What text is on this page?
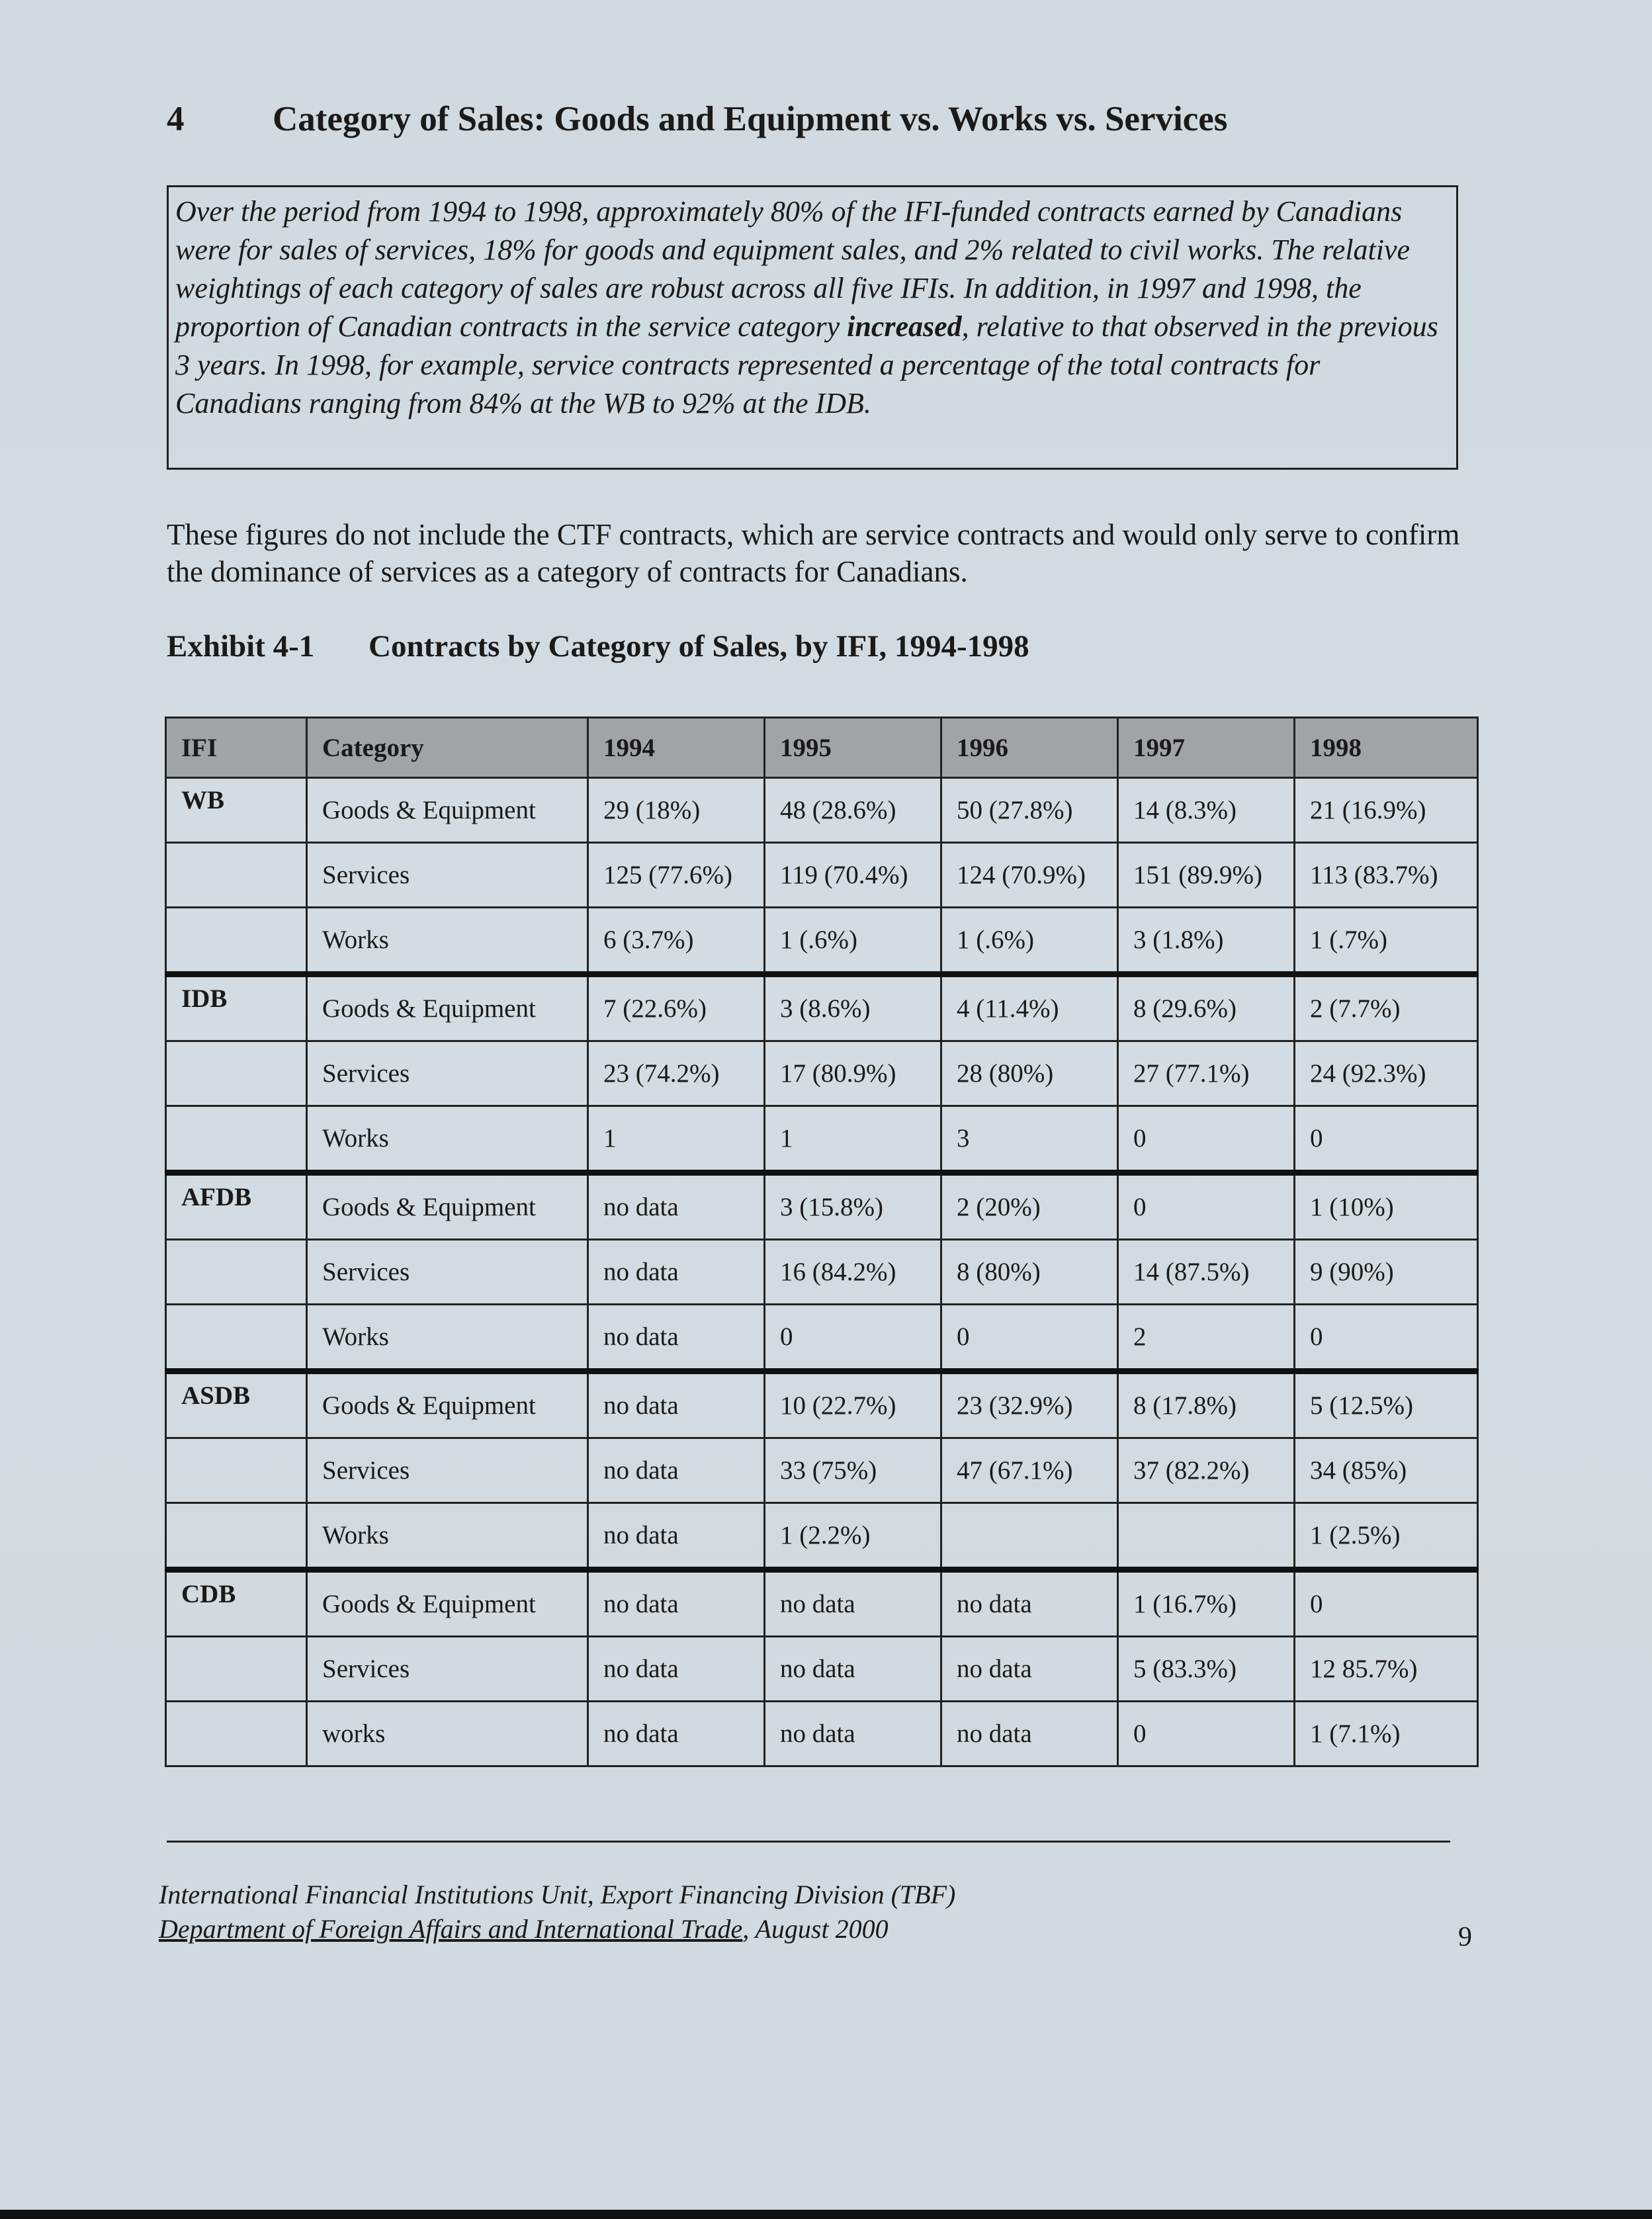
4	Category of Sales: Goods and Equipment vs. Works vs. Services
Over the period from 1994 to 1998, approximately 80% of the IFI-funded contracts earned by Canadians were for sales of services, 18% for goods and equipment sales, and 2% related to civil works. The relative weightings of each category of sales are robust across all five IFIs. In addition, in 1997 and 1998, the proportion of Canadian contracts in the service category increased, relative to that observed in the previous 3 years. In 1998, for example, service contracts represented a percentage of the total contracts for Canadians ranging from 84% at the WB to 92% at the IDB.
These figures do not include the CTF contracts, which are service contracts and would only serve to confirm the dominance of services as a category of contracts for Canadians.
Exhibit 4-1 Contracts by Category of Sales, by IFI, 1994-1998
IFI	Category	1994	1995	1996	1997	1998
WB	Goods & Equipment	29 (18%)	48 (28.6%)	50 (27.8%)	14 (8.3%)	21 (16.9%)
	Services	125 (77.6%)	119 (70.4%)	124 (70.9%)	151 (89.9%)	113 (83.7%)
	Works	6 (3.7%)	1 (.6%)	1 (.6%)	3 (1.8%)	1 (.7%)
IDB	Goods & Equipment	7 (22.6%)	3 (8.6%)	4 (11.4%)	8 (29.6%)	2 (7.7%)
	Services	23 (74.2%)	17 (80.9%)	28 (80%)	27 (77.1%)	24 (92.3%)
	Works	1	1	3	0	0
AFDB	Goods & Equipment	no data	3 (15.8%)	2 (20%)	0	1 (10%)
	Services	no data	16 (84.2%)	8 (80%)	14 (87.5%)	9 (90%)
	Works	no data	0	0	2	0
ASDB	Goods & Equipment	no data	10 (22.7%)	23 (32.9%)	8 (17.8%)	5 (12.5%)
	Services	no data	33 (75%)	47 (67.1%)	37 (82.2%)	34 (85%)
	Works	no data	1 (2.2%)			1 (2.5%)
CDB	Goods & Equipment	no data	no data	no data	1 (16.7%)	0
	Services	no data	no data	no data	5 (83.3%)	12 85.7%)
	works	no data	no data	no data	0	1 (7.1%)
International Financial Institutions Unit, Export Financing Division (TBF)
Department of Foreign Affairs and International Trade, August 2000	9
